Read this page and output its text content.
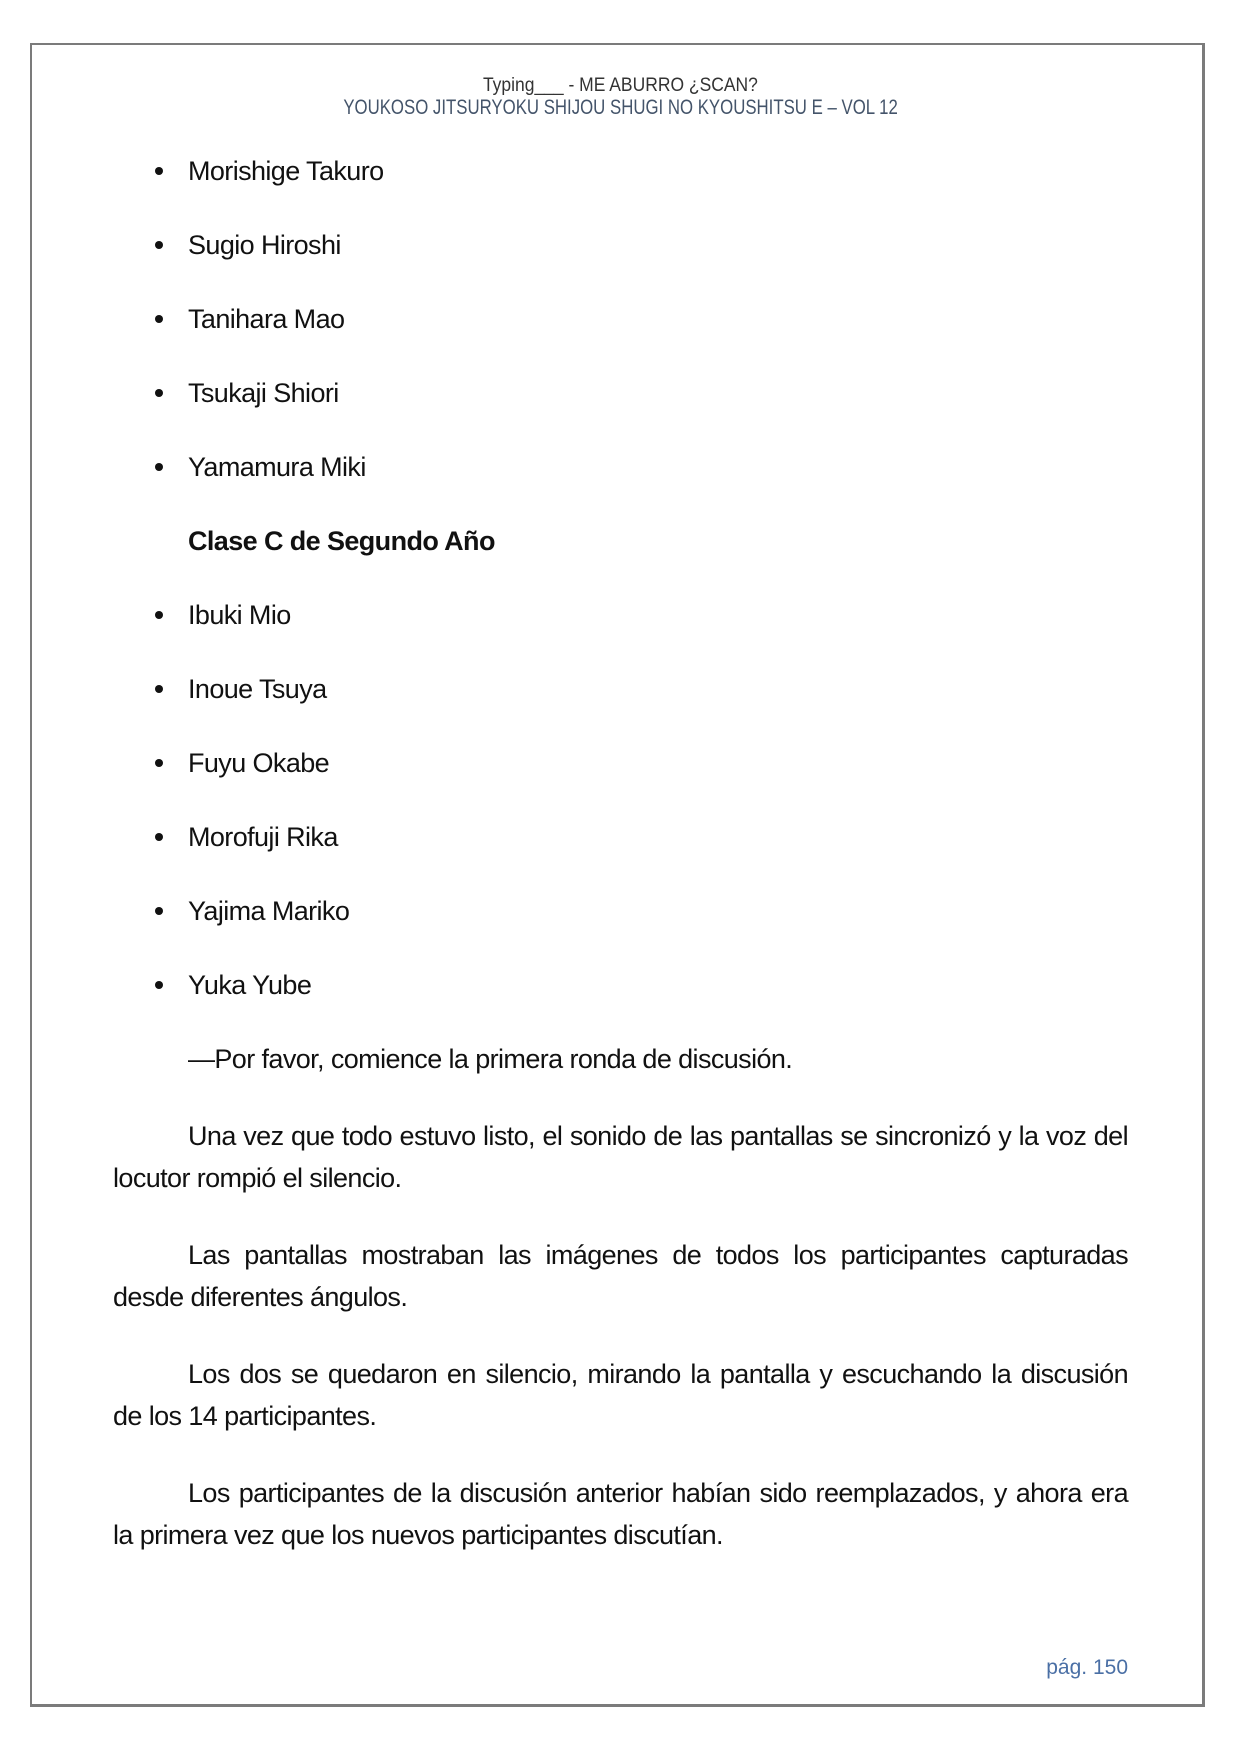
Typing___ - ME ABURRO ¿SCAN?
YOUKOSO JITSURYOKU SHIJOU SHUGI NO KYOUSHITSU E – VOL 12
Morishige Takuro
Sugio Hiroshi
Tanihara Mao
Tsukaji Shiori
Yamamura Miki
Clase C de Segundo Año
Ibuki Mio
Inoue Tsuya
Fuyu Okabe
Morofuji Rika
Yajima Mariko
Yuka Yube

—Por favor, comience la primera ronda de discusión.

Una vez que todo estuvo listo, el sonido de las pantallas se sincronizó y la voz del locutor rompió el silencio.

Las pantallas mostraban las imágenes de todos los participantes capturadas desde diferentes ángulos.

Los dos se quedaron en silencio, mirando la pantalla y escuchando la discusión de los 14 participantes.

Los participantes de la discusión anterior habían sido reemplazados, y ahora era la primera vez que los nuevos participantes discutían.

pág. 150
